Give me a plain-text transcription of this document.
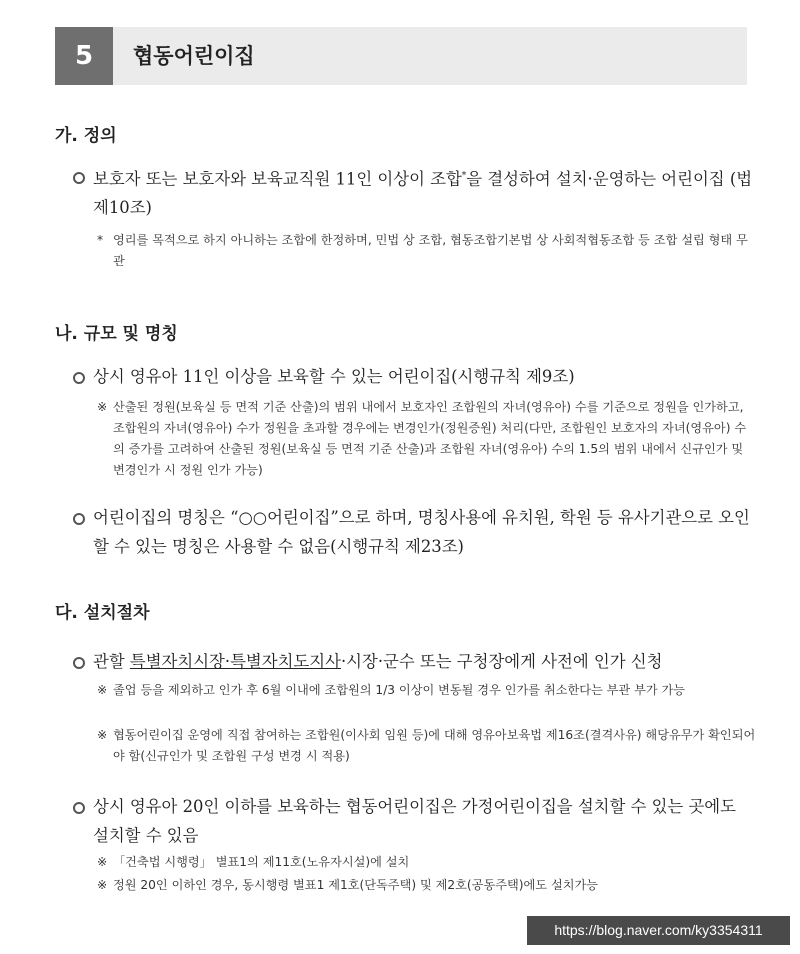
5	협동어린이집
가. 정의
보호자 또는 보호자와 보육교직원 11인 이상이 조합*을 결성하여 설치·운영하는 어린이집 (법 제10조)
* 영리를 목적으로 하지 아니하는 조합에 한정하며, 민법 상 조합, 협동조합기본법 상 사회적협동조합 등 조합 설립 형태 무관
나. 규모 및 명칭
상시 영유아 11인 이상을 보육할 수 있는 어린이집(시행규칙 제9조)
※ 산출된 정원(보육실 등 면적 기준 산출)의 범위 내에서 보호자인 조합원의 자녀(영유아) 수를 기준으로 정원을 인가하고, 조합원의 자녀(영유아) 수가 정원을 초과할 경우에는 변경인가(정원증원) 처리(다만, 조합원인 보호자의 자녀(영유아) 수의 증가를 고려하여 산출된 정원(보육실 등 면적 기준 산출)과 조합원 자녀(영유아) 수의 1.5의 범위 내에서 신규인가 및 변경인가 시 정원 인가 가능)
어린이집의 명칭은 “○○어린이집”으로 하며, 명칭사용에 유치원, 학원 등 유사기관으로 오인할 수 있는 명칭은 사용할 수 없음(시행규칙 제23조)
다. 설치절차
관할 특별자치시장·특별자치도지사·시장·군수 또는 구청장에게 사전에 인가 신청
※ 졸업 등을 제외하고 인가 후 6월 이내에 조합원의 1/3 이상이 변동될 경우 인가를 취소한다는 부관 부가 가능
※ 협동어린이집 운영에 직접 참여하는 조합원(이사회 임원 등)에 대해 영유아보육법 제16조(결격사유) 해당유무가 확인되어야 함(신규인가 및 조합원 구성 변경 시 적용)
상시 영유아 20인 이하를 보육하는 협동어린이집은 가정어린이집을 설치할 수 있는 곳에도 설치할 수 있음
※ 「건축법 시행령」 별표1의 제11호(노유자시설)에 설치
※ 정원 20인 이하인 경우, 동시행령 별표1 제1호(단독주택) 및 제2호(공동주택)에도 설치가능
https://blog.naver.com/ky3354311
